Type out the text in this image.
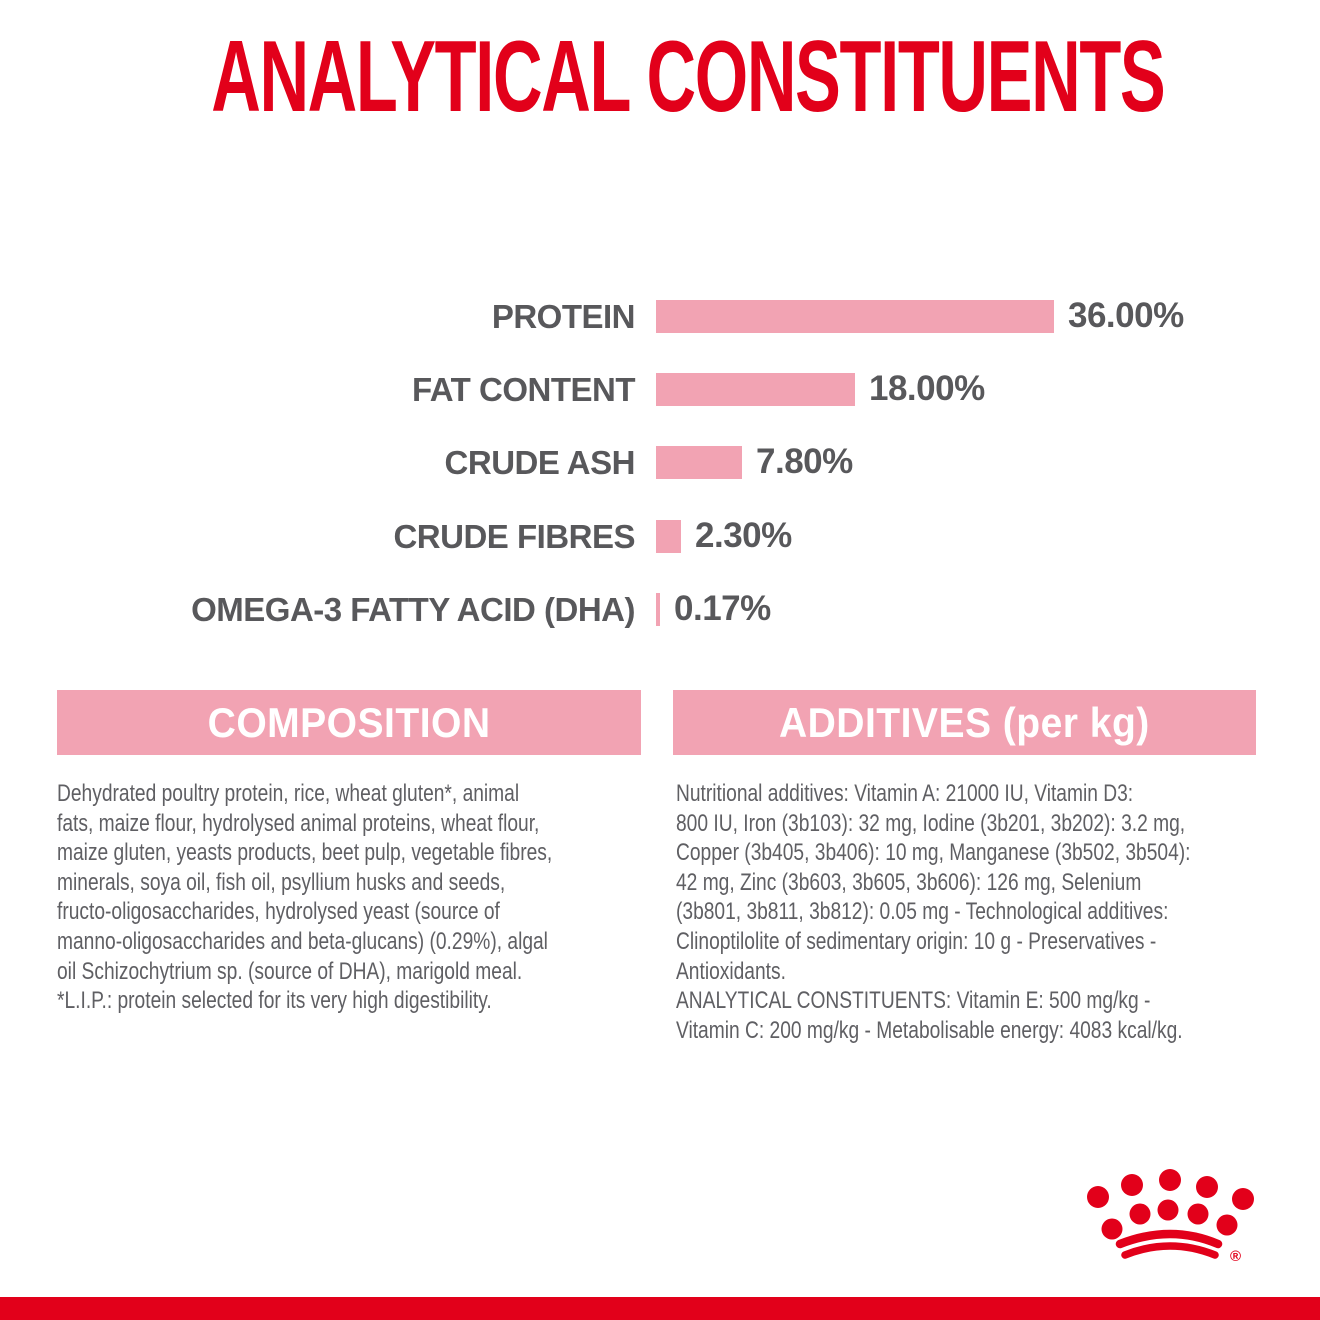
ANALYTICAL CONSTITUENTS
PROTEIN	36.00%
FAT CONTENT	18.00%
CRUDE ASH	7.80%
CRUDE FIBRES 2.30%
OMEGA-3 FATTY ACID (DHA) 0.17%
COMPOSITION
Dehydrated poultry protein, rice, wheat gluten*, animal
fats, maize flour, hydrolysed animal proteins, wheat flour,
maize gluten, yeasts products, beet pulp, vegetable fibres,
minerals, soya oil, fish oil, psyllium husks and seeds,
fructo-oligosaccharides, hydrolysed yeast (source of
manno-oligosaccharides and beta-glucans) (0.29%), algal
oil Schizochytrium sp. (source of DHA), marigold meal.
*L.I.P.: protein selected for its very high digestibility.
ADDITIVES (per kg)
Nutritional additives: Vitamin A: 21000 IU, Vitamin D3:
800 IU, Iron (3b103): 32 mg, Iodine (3b201, 3b202): 3.2 mg,
Copper (3b405, 3b406): 10 mg, Manganese (3b502, 3b504):
42 mg, Zinc (3b603, 3b605, 3b606): 126 mg, Selenium
(3b801, 3b811, 3b812): 0.05 mg - Technological additives:
Clinoptilolite of sedimentary origin: 10 g - Preservatives -
Antioxidants.
ANALYTICAL CONSTITUENTS: Vitamin E: 500 mg/kg -
Vitamin C: 200 mg/kg - Metabolisable energy: 4083 kcal/kg.
®
